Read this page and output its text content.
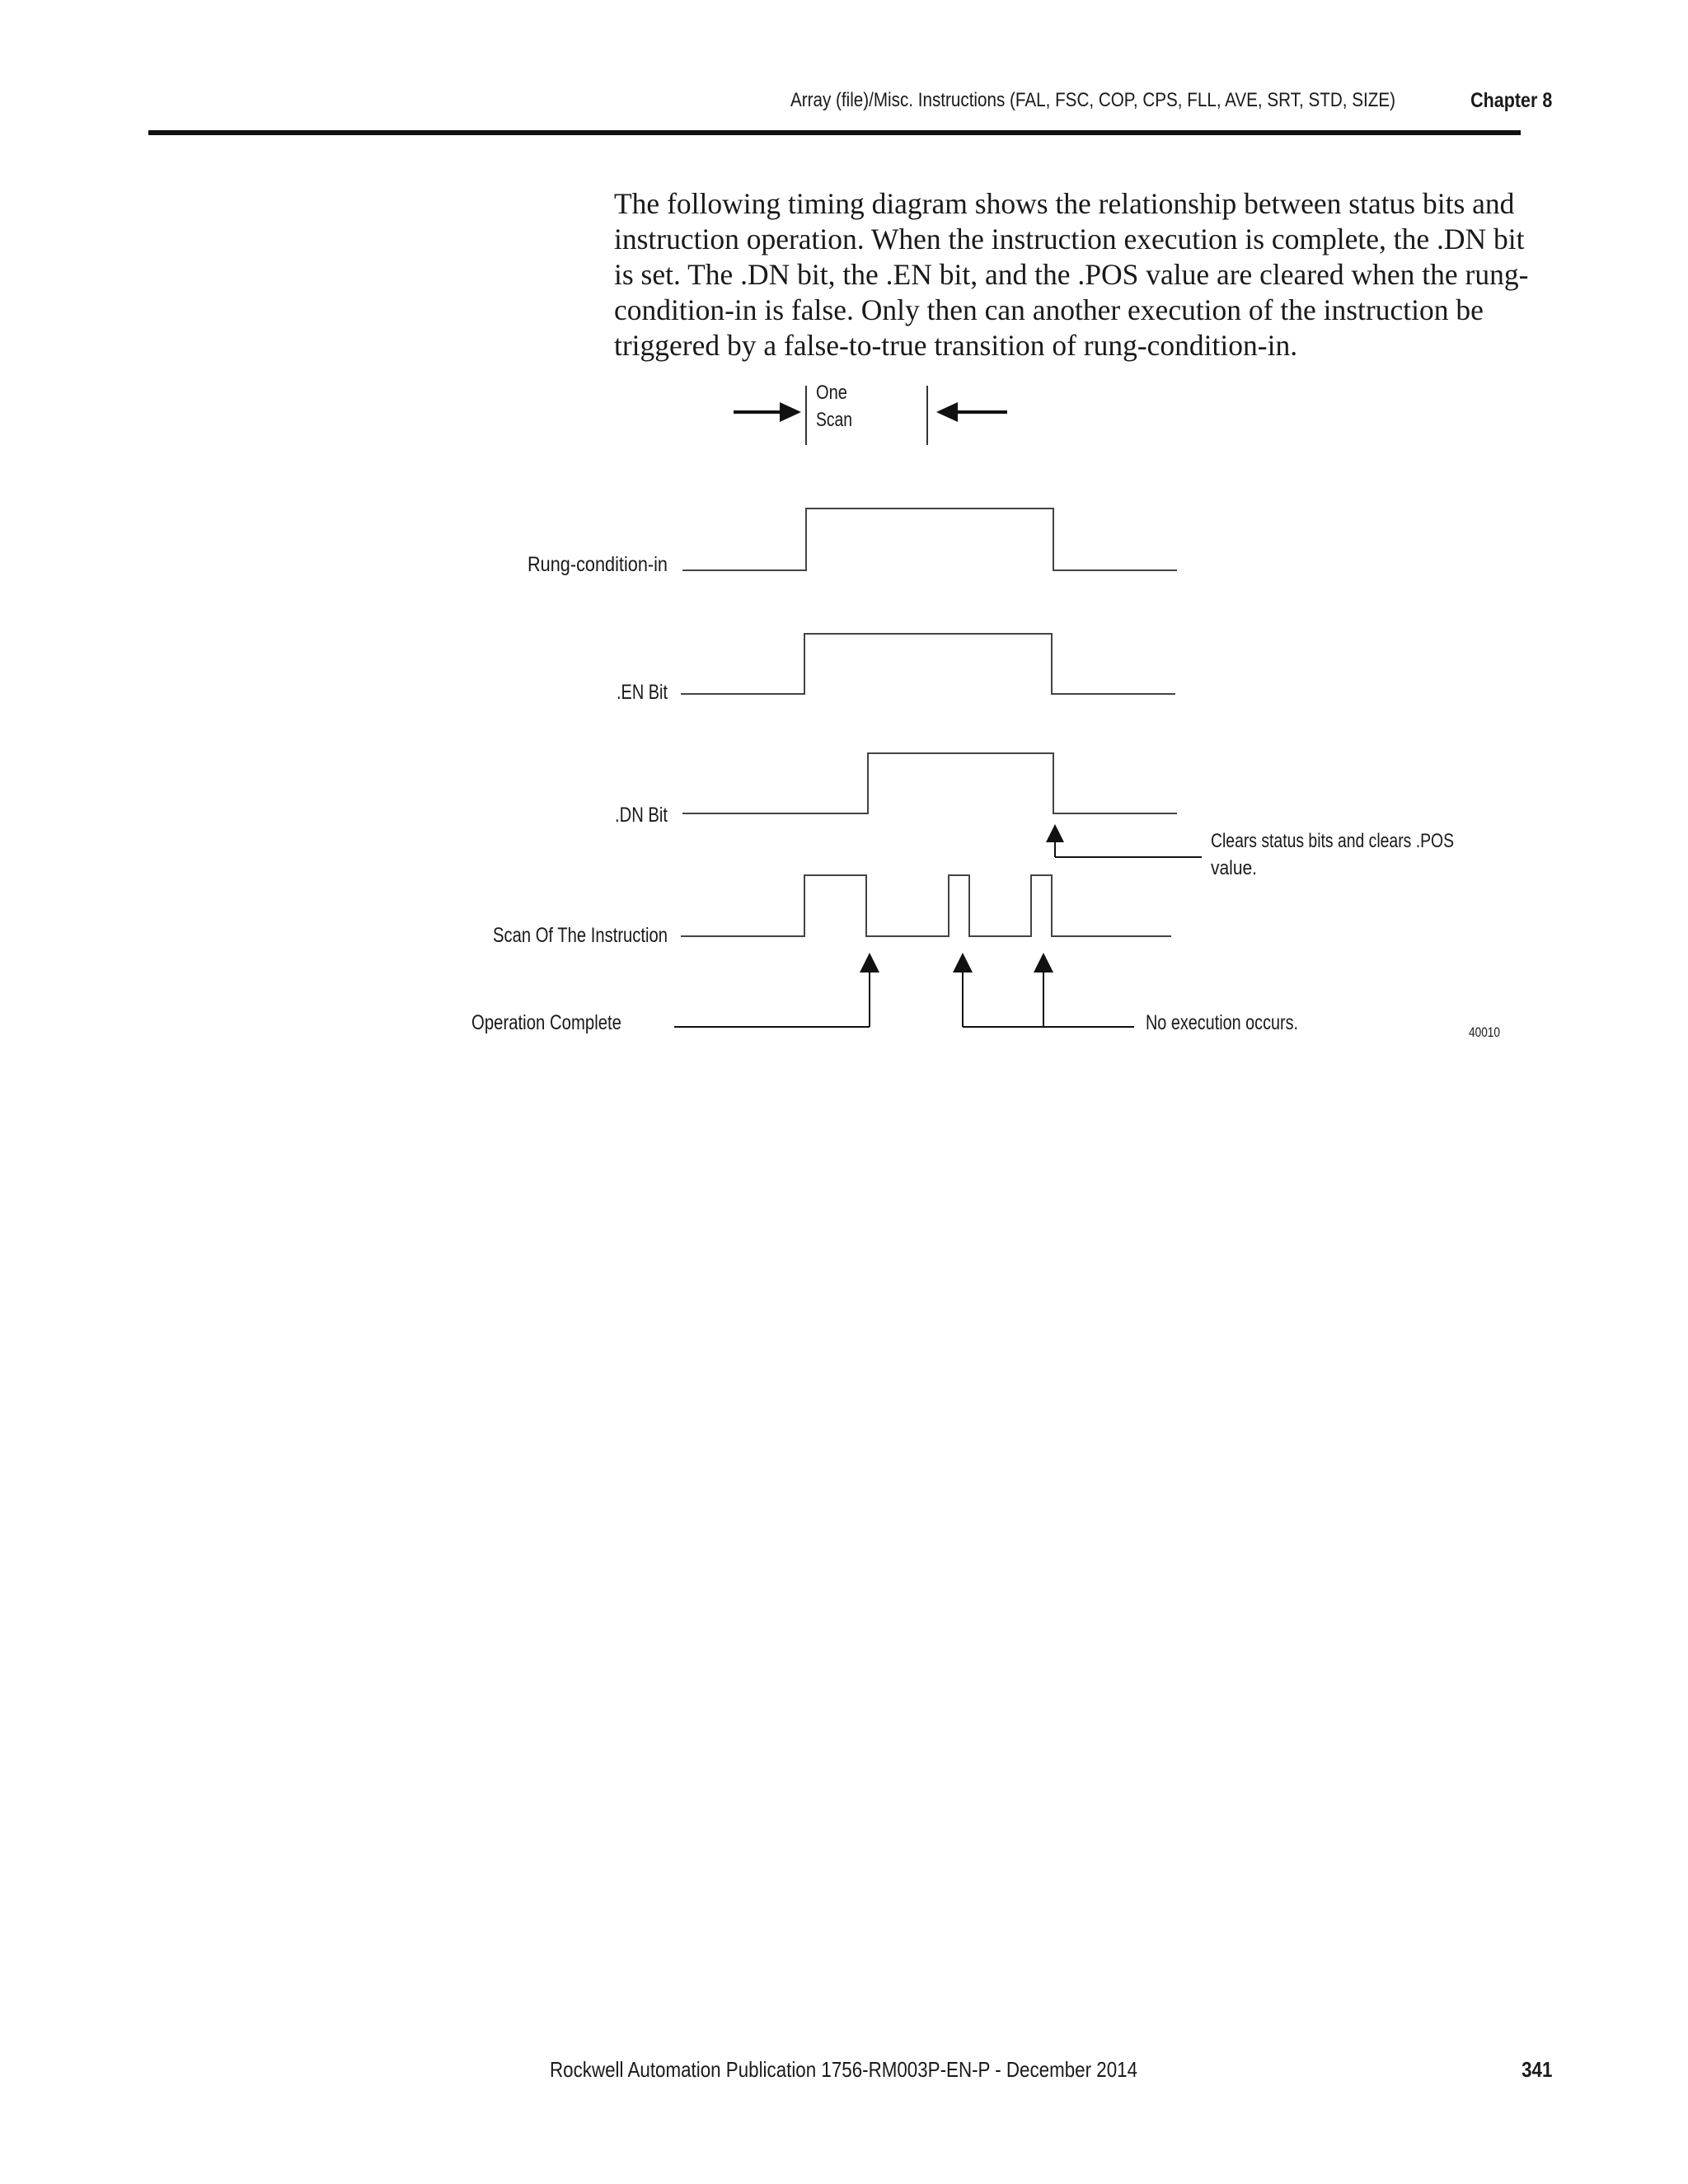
Array (file)/Misc. Instructions (FAL, FSC, COP, CPS, FLL, AVE, SRT, STD, SIZE)	Chapter 8

The following timing diagram shows the relationship between status bits and instruction operation. When the instruction execution is complete, the .DN bit is set. The .DN bit, the .EN bit, and the .POS value are cleared when the rung-condition-in is false. Only then can another execution of the instruction be triggered by a false-to-true transition of rung-condition-in.

One
Scan
Rung-condition-in
.EN Bit
.DN Bit
Scan Of The Instruction
Clears status bits and clears .POS
value.
Operation Complete	No execution occurs.	40010
Rockwell Automation Publication 1756-RM003P-EN-P - December 2014	341
